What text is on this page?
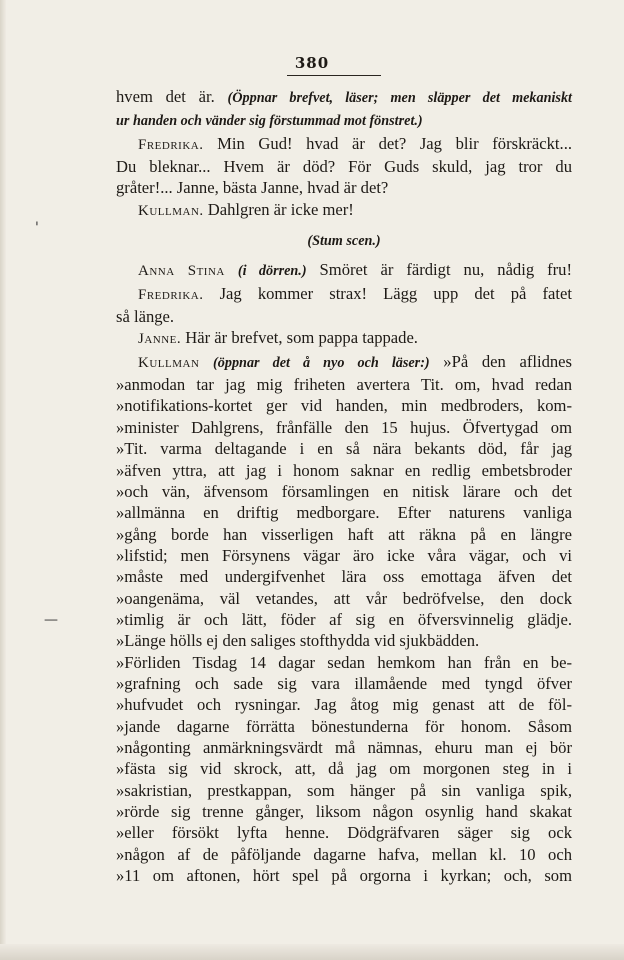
380
'
—

hvem det är. (Öppnar brefvet, läser; men släpper det mekaniskt

ur handen och vänder sig förstummad mot fönstret.)

Fredrika. Min Gud! hvad är det? Jag blir förskräckt...

Du bleknar... Hvem är död? För Guds skuld, jag tror du

gråter!... Janne, bästa Janne, hvad är det?

Kullman. Dahlgren är icke mer!

(Stum scen.)

Anna Stina (i dörren.) Smöret är färdigt nu, nådig fru!

Fredrika. Jag kommer strax! Lägg upp det på fatet

så länge.

Janne. Här är brefvet, som pappa tappade.

Kullman (öppnar det å nyo och läser:) »På den aflidnes

»anmodan tar jag mig friheten avertera Tit. om, hvad redan

»notifikations-kortet ger vid handen, min medbroders, kom-

»minister Dahlgrens, frånfälle den 15 hujus. Öfvertygad om

»Tit. varma deltagande i en så nära bekants död, får jag

»äfven yttra, att jag i honom saknar en redlig embetsbroder

»och vän, äfvensom församlingen en nitisk lärare och det

»allmänna en driftig medborgare. Efter naturens vanliga

»gång borde han visserligen haft att räkna på en längre

»lifstid; men Försynens vägar äro icke våra vägar, och vi

»måste med undergifvenhet lära oss emottaga äfven det

»oangenäma, väl vetandes, att vår bedröfvelse, den dock

»timlig är och lätt, föder af sig en öfversvinnelig glädje.

»Länge hölls ej den saliges stofthydda vid sjukbädden.

»Förliden Tisdag 14 dagar sedan hemkom han från en be-

»grafning och sade sig vara illamående med tyngd öfver

»hufvudet och rysningar. Jag åtog mig genast att de föl-

»jande dagarne förrätta bönestunderna för honom. Såsom

»någonting anmärkningsvärdt må nämnas, ehuru man ej bör

»fästa sig vid skrock, att, då jag om morgonen steg in i

»sakristian, prestkappan, som hänger på sin vanliga spik,

»rörde sig trenne gånger, liksom någon osynlig hand skakat

»eller försökt lyfta henne. Dödgräfvaren säger sig ock

»någon af de påföljande dagarne hafva, mellan kl. 10 och

»11 om aftonen, hört spel på orgorna i kyrkan; och, som
